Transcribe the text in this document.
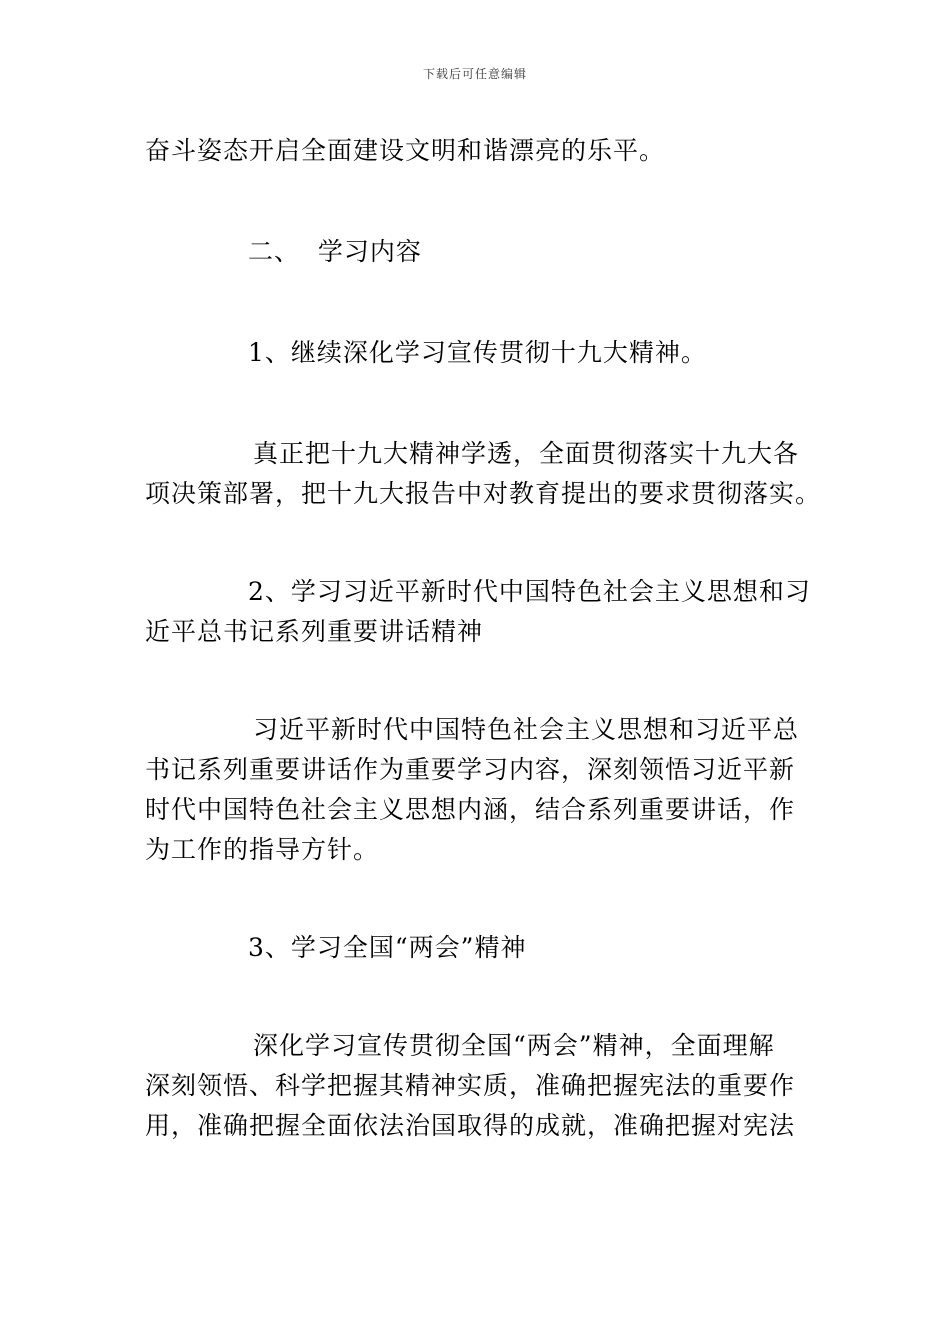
下载后可任意编辑

奋斗姿态开启全面建设文明和谐漂亮的乐平。

二、  学习内容

1、继续深化学习宣传贯彻十九大精神。

真正把十九大精神学透，全面贯彻落实十九大各
项决策部署，把十九大报告中对教育提出的要求贯彻落实。

2、学习习近平新时代中国特色社会主义思想和习
近平总书记系列重要讲话精神

习近平新时代中国特色社会主义思想和习近平总
书记系列重要讲话作为重要学习内容，深刻领悟习近平新
时代中国特色社会主义思想内涵，结合系列重要讲话，作
为工作的指导方针。

3、学习全国“两会”精神

深化学习宣传贯彻全国“两会”精神，全面理解
深刻领悟、科学把握其精神实质，准确把握宪法的重要作
用，准确把握全面依法治国取得的成就，准确把握对宪法
